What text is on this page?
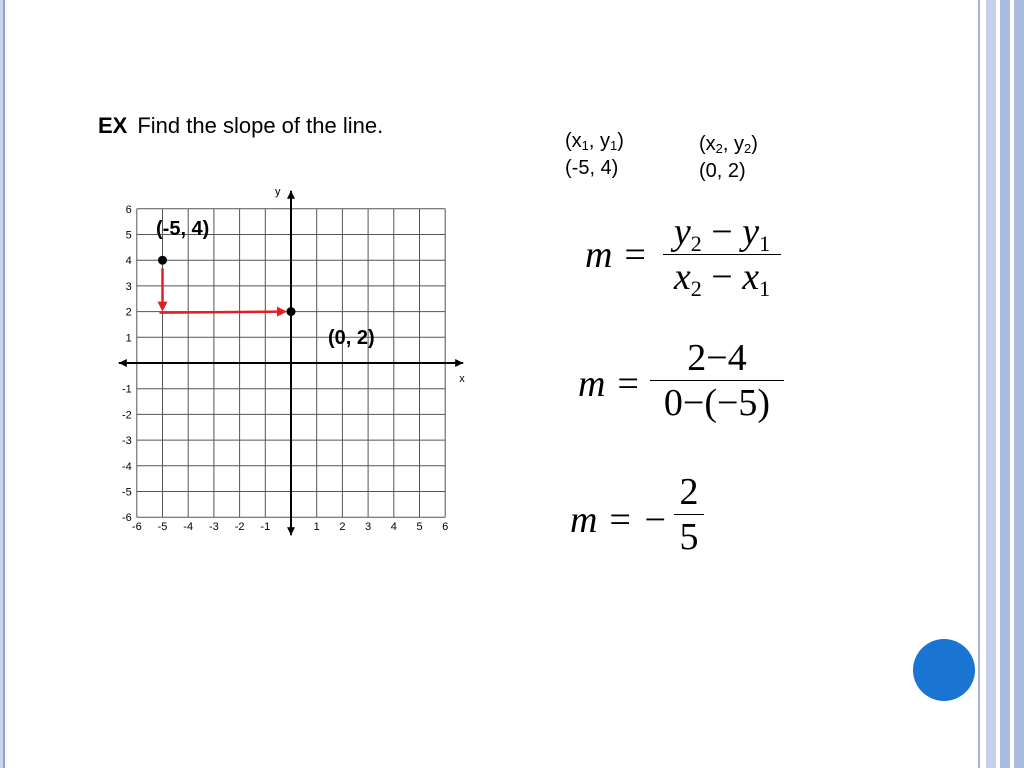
EX Find the slope of the line.
($x_1$, $y_1$)
(-5, 4)
($x_2$, $y_2$)
(0, 2)
x
y
-6 -5 -4 -3 -2 -1	1 2 3 4 5 6
-6
-5
-4
-3
-2
-1
1
2
3
4
5
6
(-5, 4)
(0, 2)
m =
$y_2 - y_1$
$x_2 - x_1$
m =
2−4
0−(−5)
m = −
2
5
